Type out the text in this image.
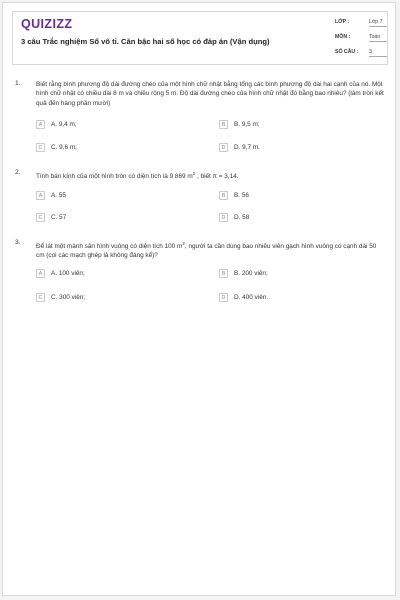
QUIZIZZ
3 câu Trắc nghiệm Số vô tỉ. Căn bậc hai số học có đáp án (Vận dụng)
LỚP :	Lớp 7
MÔN :	Toán
SỐ CÂU : 3
1. Biết rằng bình phương độ dài đường chéo của một hình chữ nhật bằng tổng các bình phương độ dài hai cạnh của nó. Một hình chữ nhật có chiều dài 8 m và chiều rộng 5 m. Độ dài đường chéo của hình chữ nhật đó bằng bao nhiêu? (làm tròn kết quả đến hàng phần mười)
A	A. 9,4 m;	B	B. 9,5 m;
C	C. 9,6 m;	D	D. 9,7 m.
2.
Tính bán kính của một hình tròn có diện tích là 9 869 $m^2$ , biết π = 3,14.
A	A. 55	B	B. 56
C	C. 57	D	D. 58
3.
Để lát một mảnh sân hình vuông có diện tích 100 $m^2$, người ta cần dùng bao nhiêu viên gạch hình vuông có cạnh dài 50 cm (coi các mạch ghép là không đáng kể)?
A	A. 100 viên;	B	B. 200 viên;
C	C. 300 viên;	D	D. 400 viên.
